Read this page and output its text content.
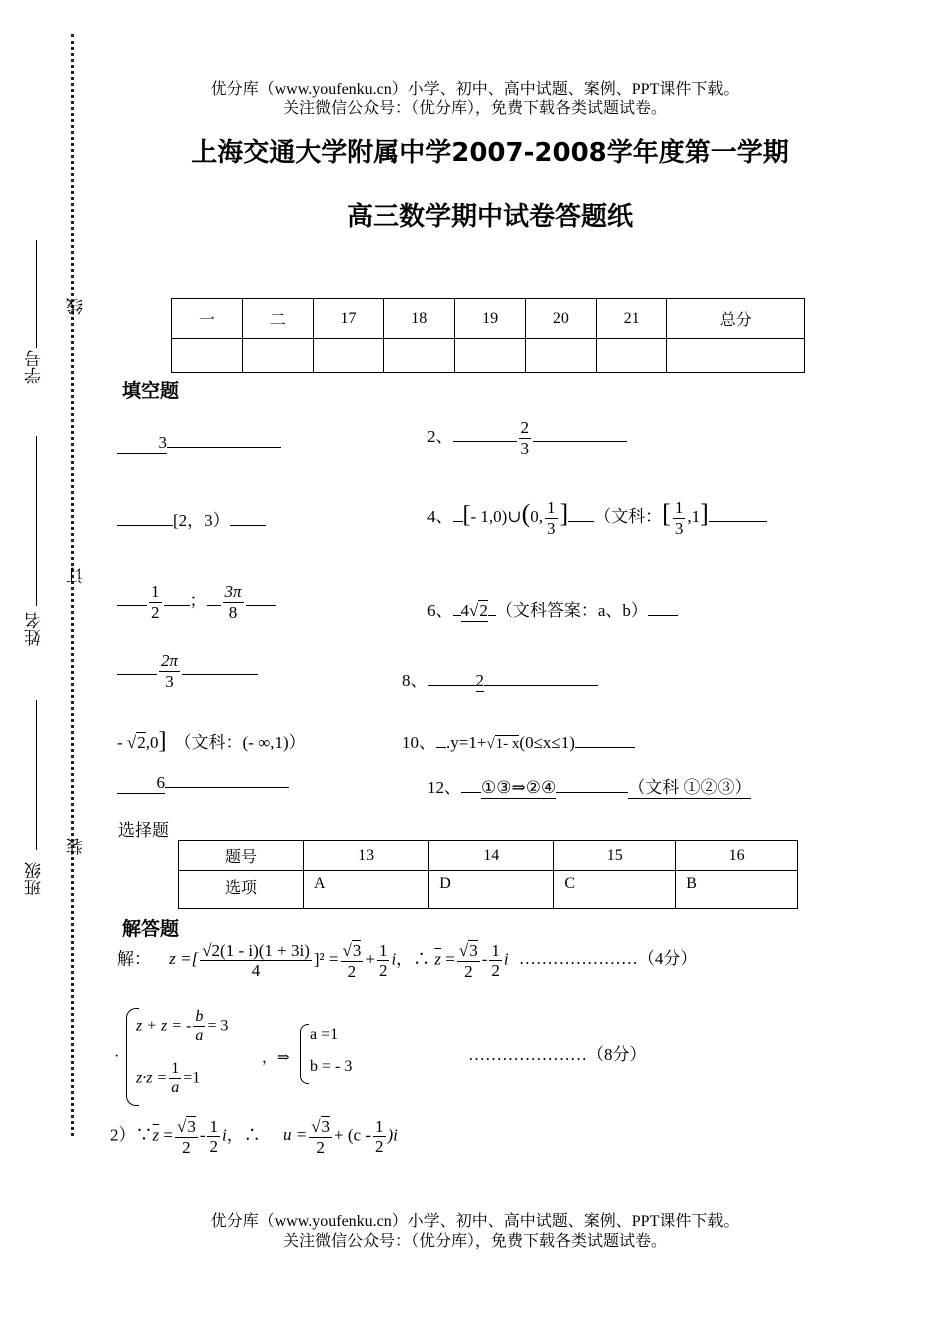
线
订
装
学号
姓名
班级
优分库（www.youfenku.cn）小学、初中、高中试题、案例、PPT课件下载。
关注微信公众号：（优分库），免费下载各类试题试卷。
上海交通大学附属中学2007-2008学年度第一学期
高三数学期中试卷答题纸
一	二	17	18	19	20	21	总分

填空题
3	2、	$\frac{2}{3}$
[2，3）	4、 [- 1,0)∪(0, $\frac{1}{3}$ ] （文科：[ $\frac{1}{3} ,1$]
$\frac{1}{2}$ ； $\frac{3\pi}{8}$	6、 4 √ 2 （文科答案：a、b）
$\frac{2\pi}{3}$	8、	2
- √ 2,0] （文科：(- ∞,1)）	10、 .y=1+ √ 1- x(0≤x≤1)
6	12、 ①③⇒②④	（文科 ①②③）
选择题
题号	13	14	15	16
选项	A	D	C	B
解答题
解： z =[ √ $\frac{2(1 - i)(1 + 3i)}{4} ]^2$ = √ $\frac{3}{2} + \frac{1}{2}$ i，∴ $\overline{z}$ = √ $\frac{3}{2} - \frac{1}{2}$ i …………………（4分）
·
z + z = - $\frac{b}{a} = 3$
$z\cdot z = \frac{1}{a} =1$
，⇒
a =1
b = - 3
…………………（8分）
$2)\because\overline{z}$ = √ $\frac{3}{2} - \frac{1}{2}$ i，∴ u = √ $\frac{3}{2} + (c - \frac{1}{2} )i$
优分库（www.youfenku.cn）小学、初中、高中试题、案例、PPT课件下载。
关注微信公众号：（优分库），免费下载各类试题试卷。
